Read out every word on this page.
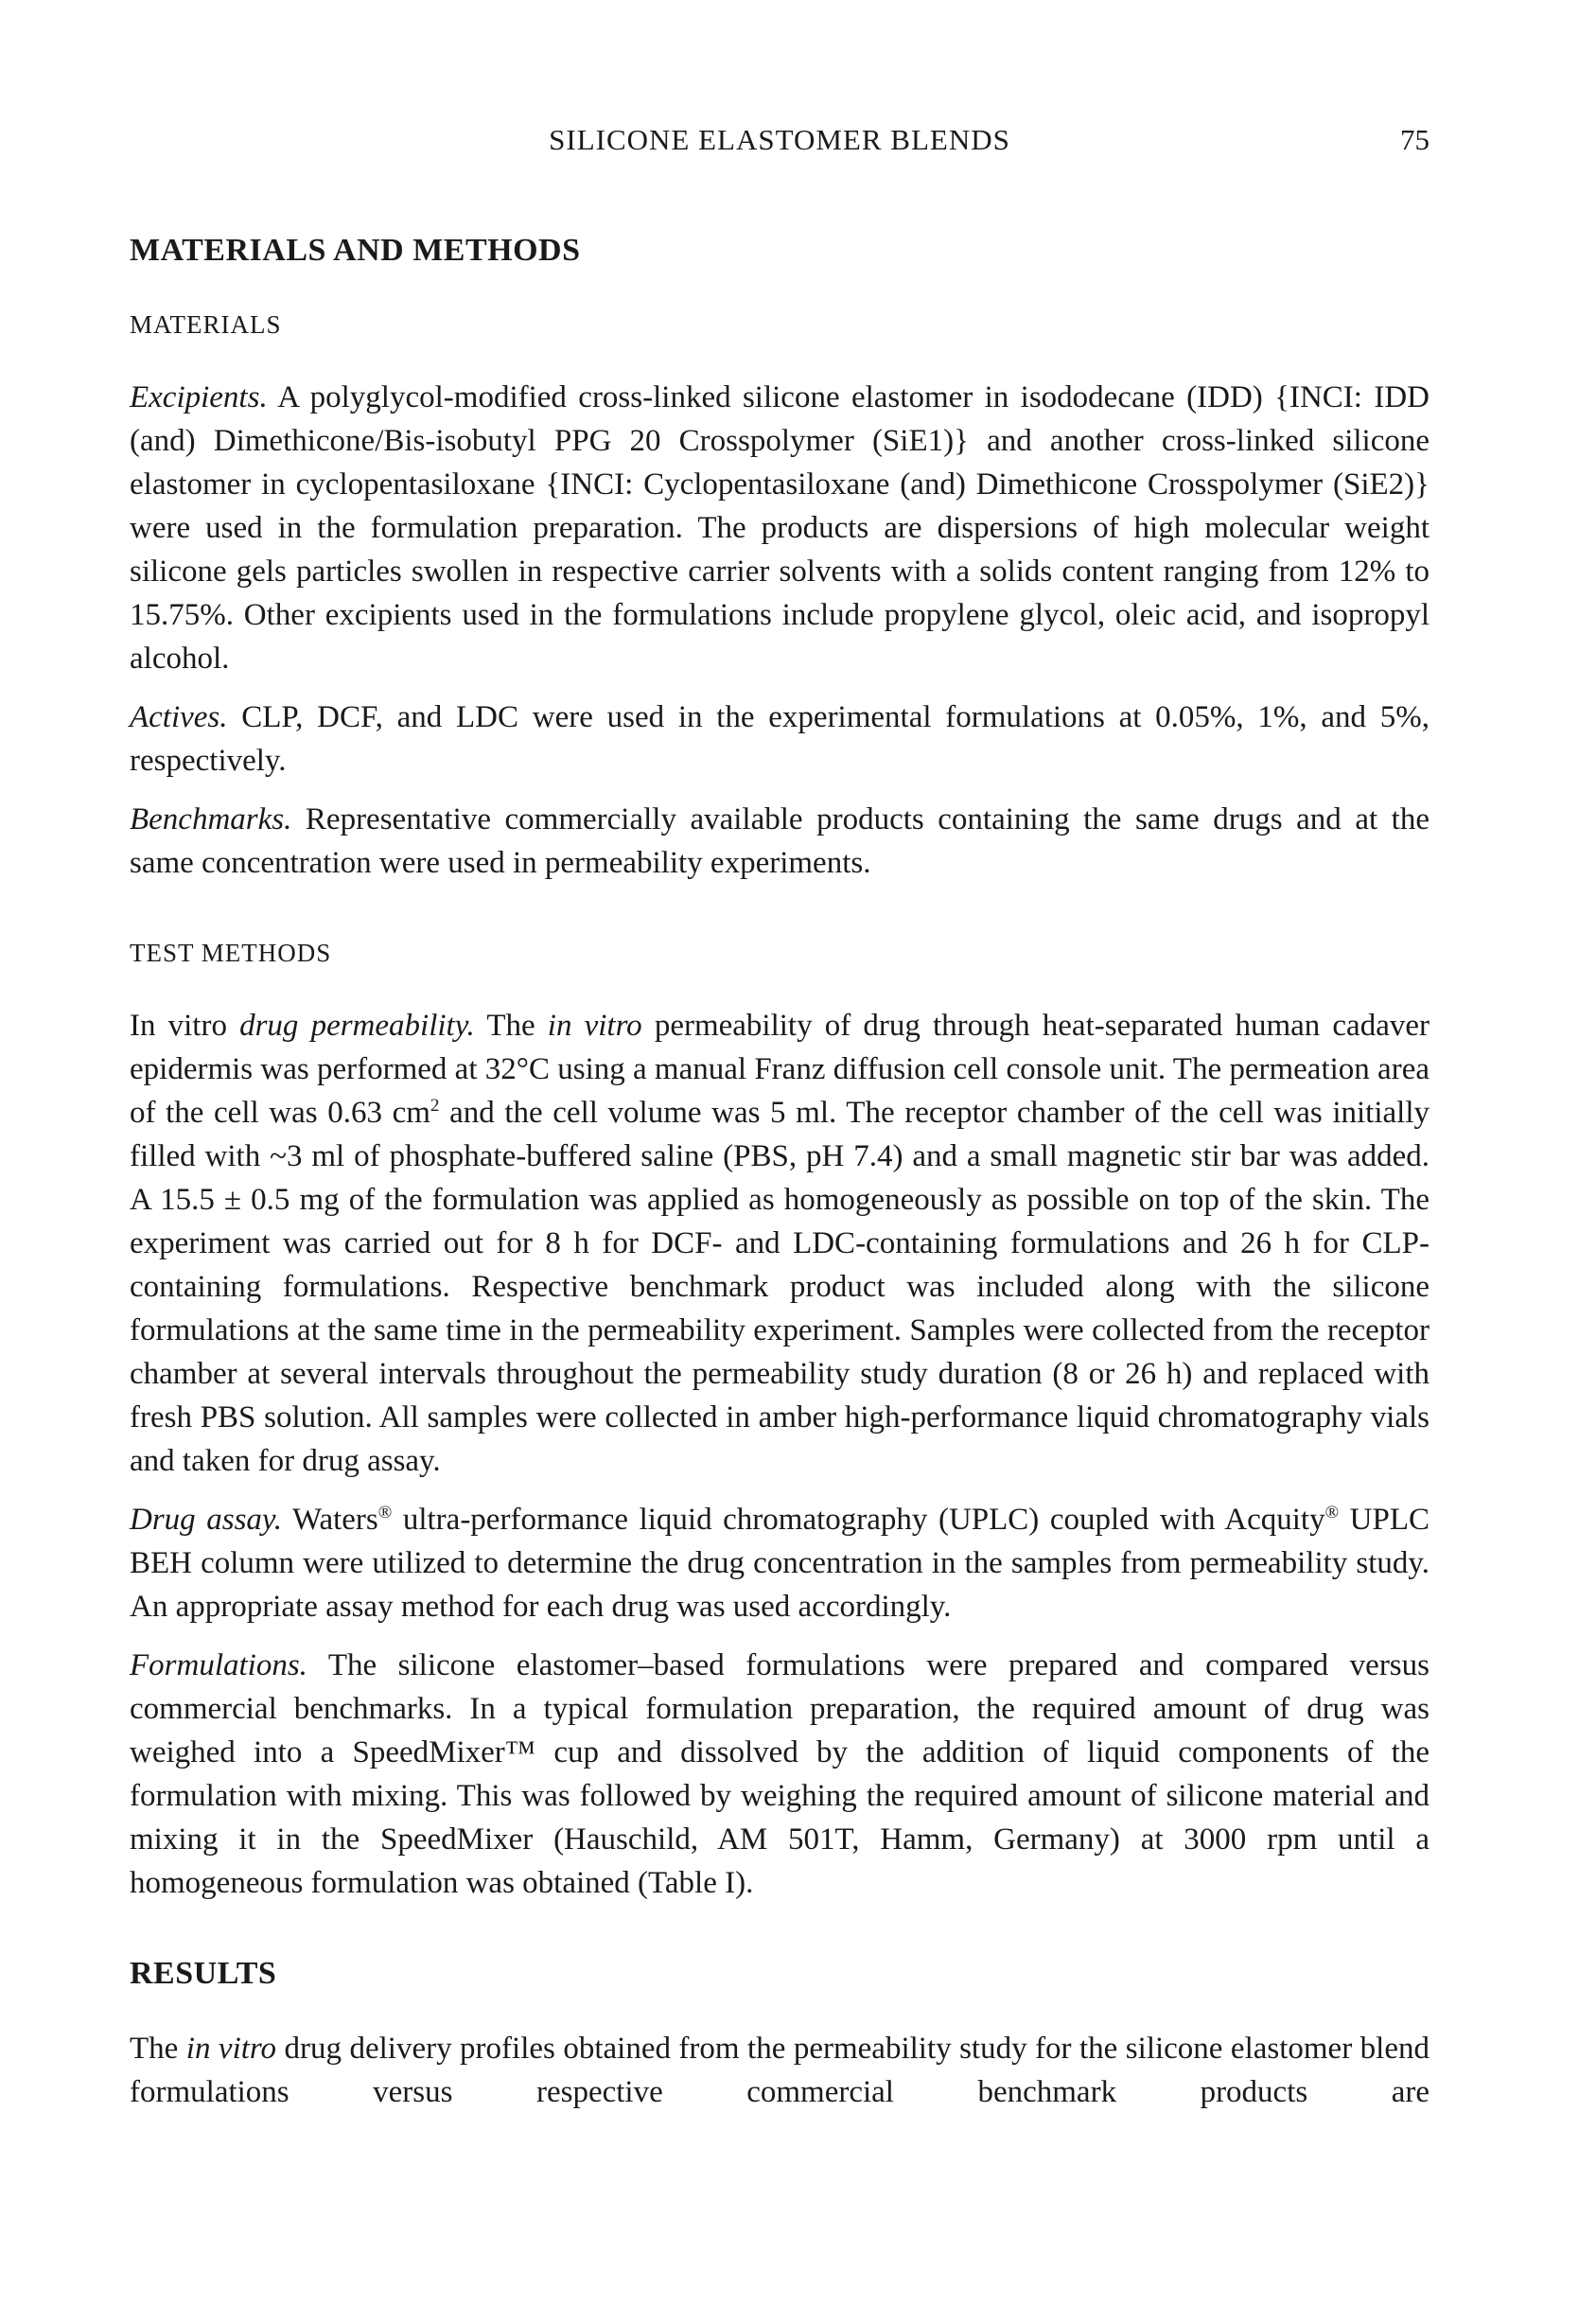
SILICONE ELASTOMER BLENDS	75
MATERIALS AND METHODS
MATERIALS

Excipients. A polyglycol-modified cross-linked silicone elastomer in isododecane (IDD) {INCI: IDD (and) Dimethicone/Bis-isobutyl PPG 20 Crosspolymer (SiE1)} and another cross-linked silicone elastomer in cyclopentasiloxane {INCI: Cyclopentasiloxane (and) Dimethicone Crosspolymer (SiE2)} were used in the formulation preparation. The products are dispersions of high molecular weight silicone gels particles swollen in respective carrier solvents with a solids content ranging from 12% to 15.75%. Other excipients used in the formulations include propylene glycol, oleic acid, and isopropyl alcohol.

Actives. CLP, DCF, and LDC were used in the experimental formulations at 0.05%, 1%, and 5%, respectively.

Benchmarks. Representative commercially available products containing the same drugs and at the same concentration were used in permeability experiments.

TEST METHODS

In vitro drug permeability. The in vitro permeability of drug through heat-separated human cadaver epidermis was performed at 32°C using a manual Franz diffusion cell console unit. The permeation area of the cell was 0.63 $cm^2$ and the cell volume was 5 ml. The receptor chamber of the cell was initially filled with ~3 ml of phosphate-buffered saline (PBS, pH 7.4) and a small magnetic stir bar was added. A 15.5 ± 0.5 mg of the formulation was applied as homogeneously as possible on top of the skin. The experiment was carried out for 8 h for DCF- and LDC-containing formulations and 26 h for CLP-containing formulations. Respective benchmark product was included along with the silicone formulations at the same time in the permeability experiment. Samples were collected from the receptor chamber at several intervals throughout the permeability study duration (8 or 26 h) and replaced with fresh PBS solution. All samples were collected in amber high-performance liquid chromatography vials and taken for drug assay.

Drug assay. Waters® ultra-performance liquid chromatography (UPLC) coupled with Acquity® UPLC BEH column were utilized to determine the drug concentration in the samples from permeability study. An appropriate assay method for each drug was used accordingly.

Formulations. The silicone elastomer–based formulations were prepared and compared versus commercial benchmarks. In a typical formulation preparation, the required amount of drug was weighed into a SpeedMixer™ cup and dissolved by the addition of liquid components of the formulation with mixing. This was followed by weighing the required amount of silicone material and mixing it in the SpeedMixer (Hauschild, AM 501T, Hamm, Germany) at 3000 rpm until a homogeneous formulation was obtained (Table I).

RESULTS

The in vitro drug delivery profiles obtained from the permeability study for the silicone elastomer blend formulations versus respective commercial benchmark products are
